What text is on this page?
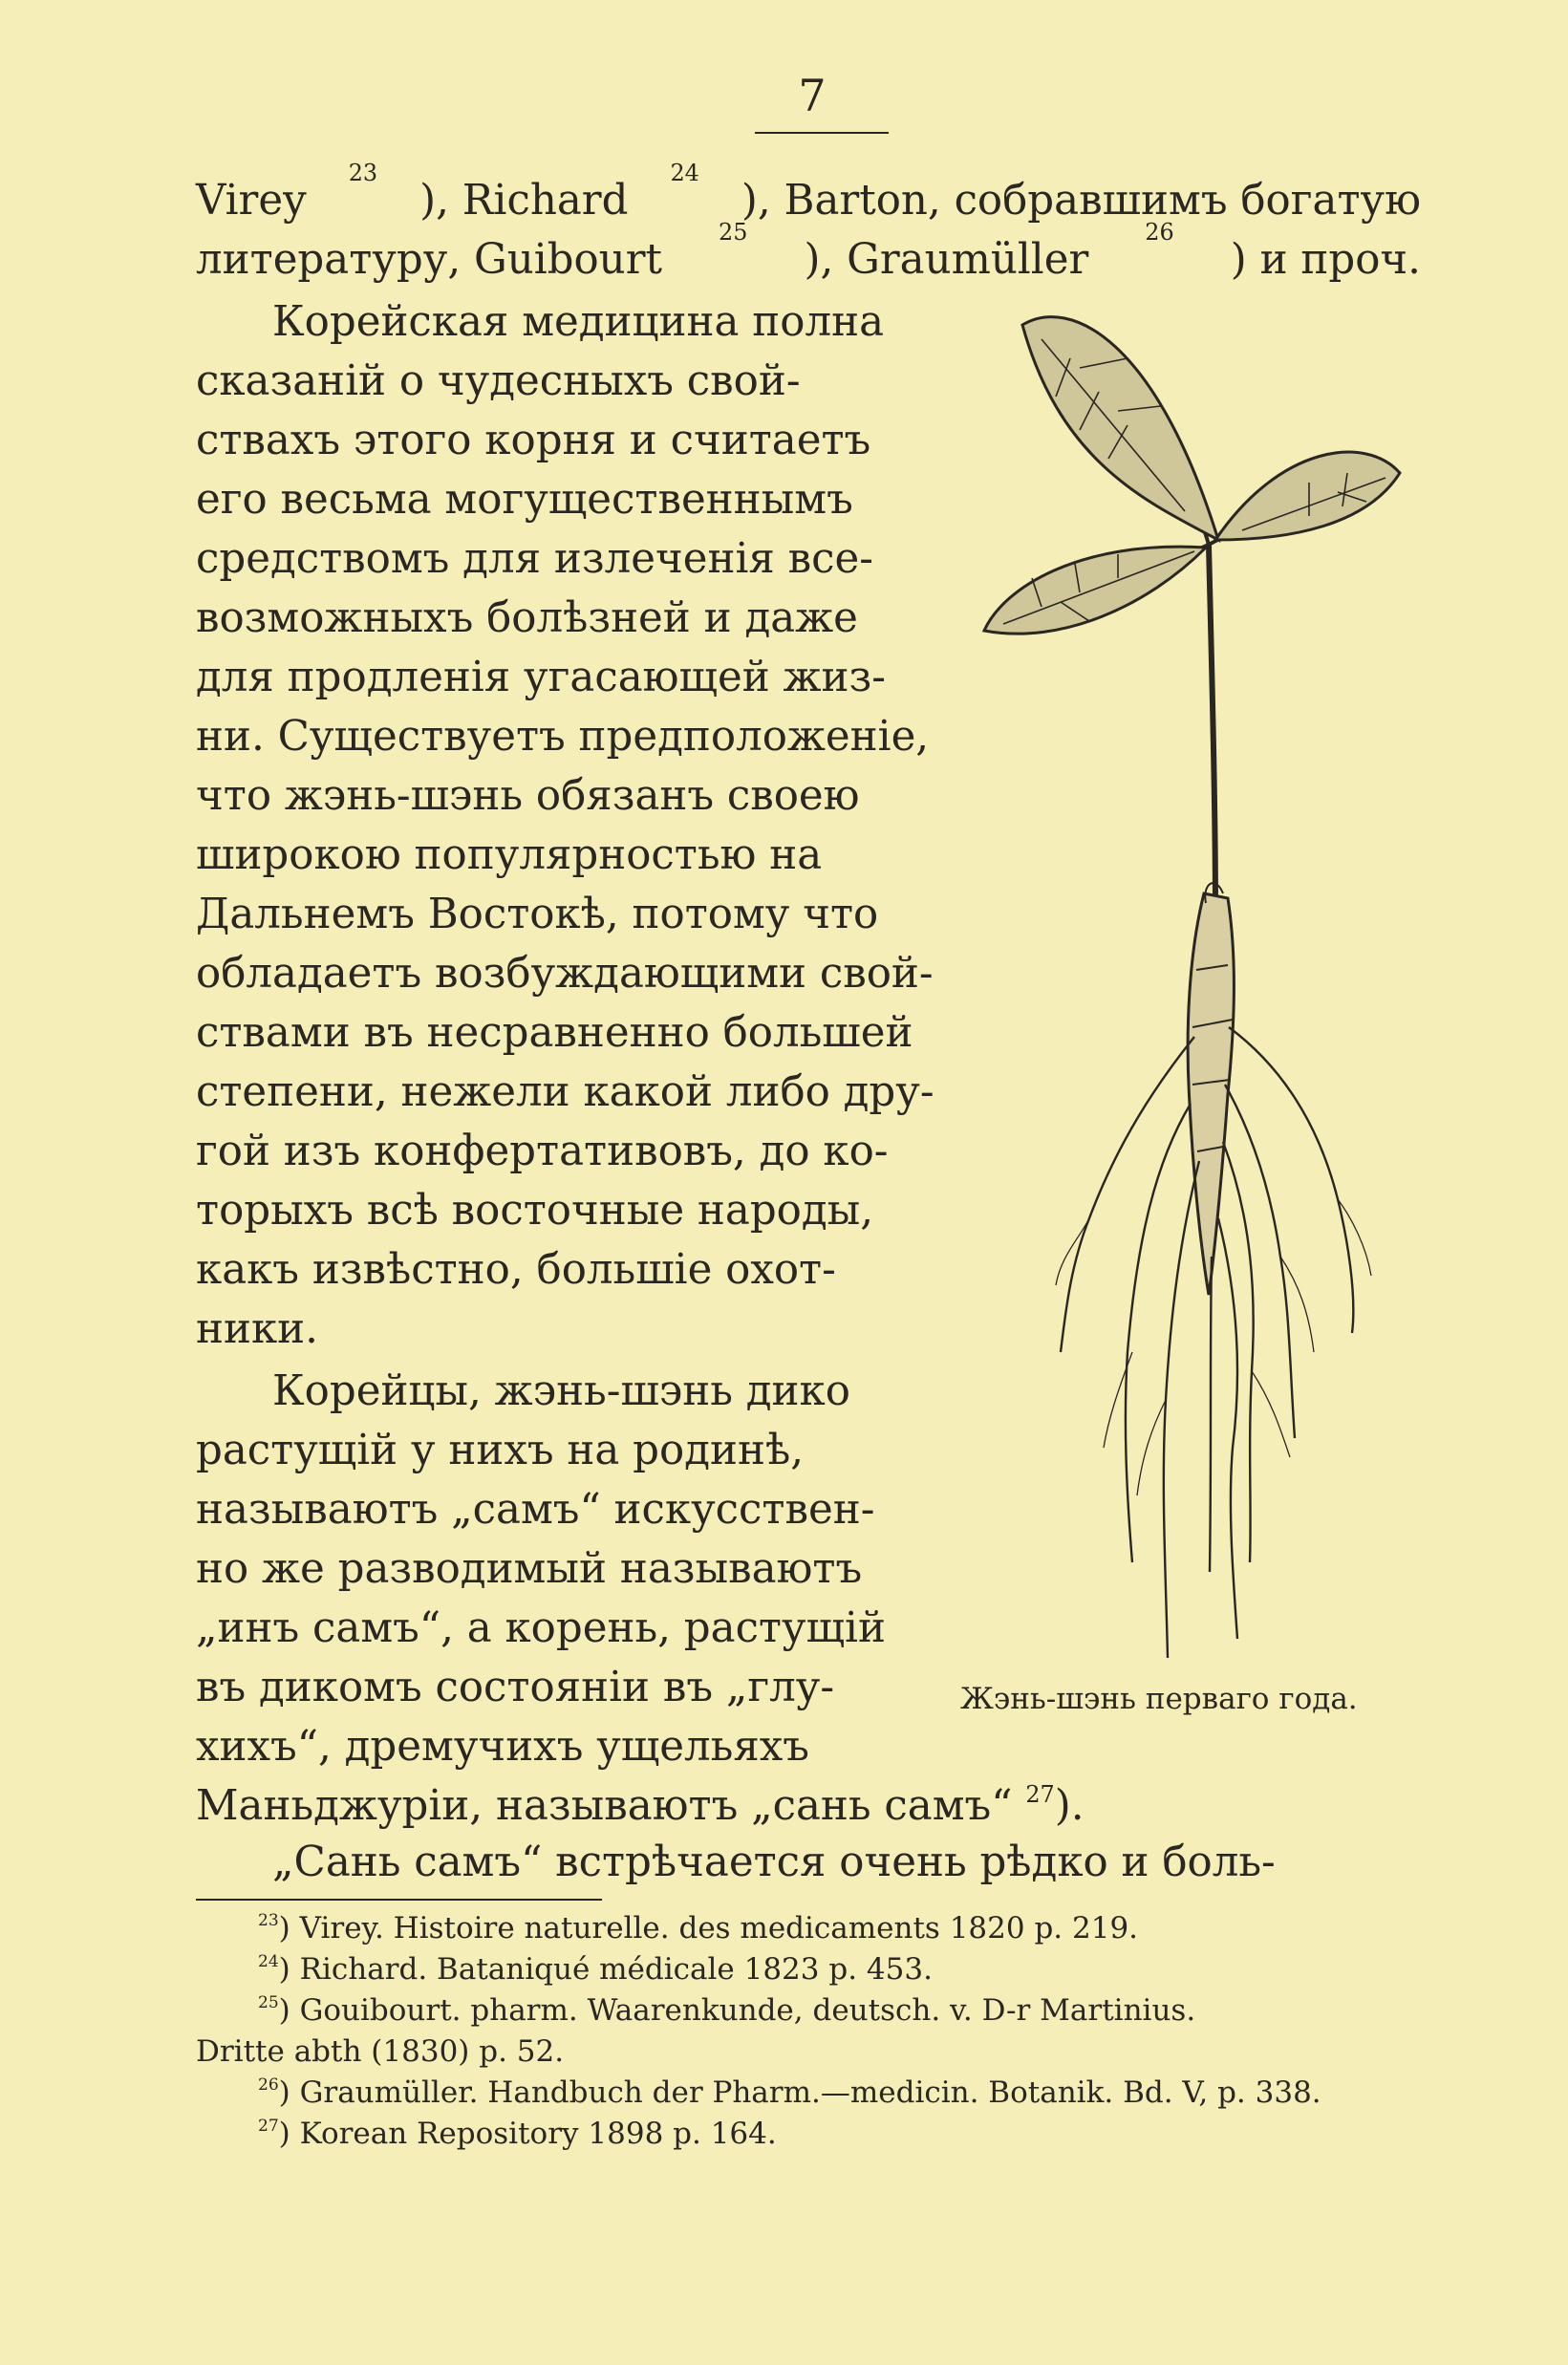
7
Virey
23
), Richard
24
), Barton, собравшимъ богатую
литературу, Guibourt
25
), Graumüller
26
) и проч.
Корейская медицина полна
сказаній о чудесныхъ свой-
ствахъ этого корня и считаетъ
его весьма могущественнымъ
средствомъ для излеченія все-
возможныхъ болѣзней и даже
для продленія угасающей жиз-
ни. Существуетъ предположеніе,
что жэнь-шэнь обязанъ своею
широкою популярностью на
Дальнемъ Востокѣ, потому что
обладаетъ возбуждающими свой-
ствами въ несравненно большей
степени, нежели какой либо дру-
гой изъ конфертативовъ, до ко-
торыхъ всѣ восточные народы,
какъ извѣстно, большіе охот-
ники.
Корейцы, жэнь-шэнь дико
растущій у нихъ на родинѣ,
называютъ „самъ“ искусствен-
но же разводимый называютъ
„инъ самъ“, а корень, растущій
въ дикомъ состояніи въ „глу-
хихъ“, дремучихъ ущельяхъ
Маньджуріи, называютъ „сань самъ“ $^{27}$).
„Сань самъ“ встрѣчается очень рѣдко и боль-
Жэнь-шэнь перваго года.
$^{23}$) Virey. Histoire naturelle. des medicaments 1820 p. 219.
$^{24}$) Richard. Bataniqué médicale 1823 p. 453.
$^{25}$) Gouibourt. pharm. Waarenkunde, deutsch. v. D-r Martinius.
Dritte abth (1830) p. 52.
$^{26}$) Graumüller. Handbuch der Pharm.—medicin. Botanik. Bd. V, p. 338.
$^{27}$) Korean Repository 1898 p. 164.
